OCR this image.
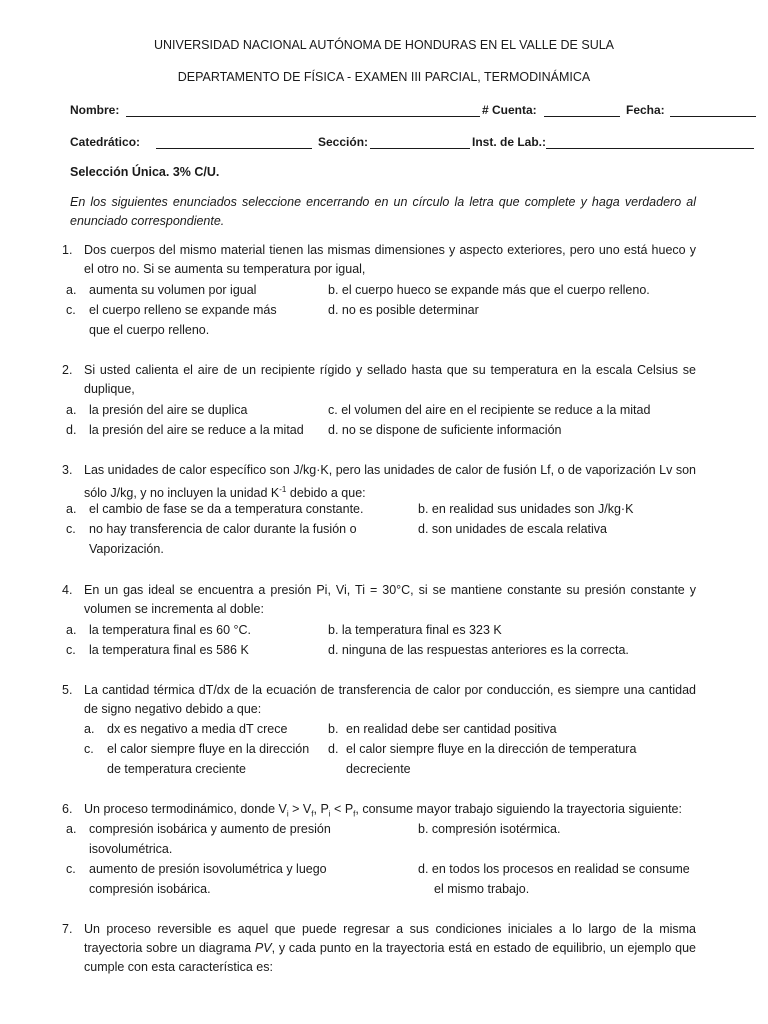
UNIVERSIDAD NACIONAL AUTÓNOMA DE HONDURAS EN EL VALLE DE SULA
DEPARTAMENTO DE FÍSICA - EXAMEN III PARCIAL, TERMODINÁMICA
Nombre:	# Cuenta:	Fecha:
Catedrático:	Sección:	Inst. de Lab.:
Selección Única. 3% C/U.
En los siguientes enunciados seleccione encerrando en un círculo la letra que complete y haga verdadero al enunciado correspondiente.
1. Dos cuerpos del mismo material tienen las mismas dimensiones y aspecto exteriores, pero uno está hueco y el otro no. Si se aumenta su temperatura por igual,
a. aumenta su volumen por igual	b. el cuerpo hueco se expande más que el cuerpo relleno.
c. el cuerpo relleno se expande más
que el cuerpo relleno.
d. no es posible determinar
2. Si usted calienta el aire de un recipiente rígido y sellado hasta que su temperatura en la escala Celsius se duplique,
a. la presión del aire se duplica	c. el volumen del aire en el recipiente se reduce a la mitad
d. la presión del aire se reduce a la mitad d. no se dispone de suficiente información
3. Las unidades de calor específico son J/kg·K, pero las unidades de calor de fusión Lf, o de vaporización Lv son sólo J/kg, y no incluyen la unidad $K^{-1}$ debido a que:
a. el cambio de fase se da a temperatura constante.	b. en realidad sus unidades son J/kg·K
c. no hay transferencia de calor durante la fusión o
Vaporización.
d. son unidades de escala relativa
4. En un gas ideal se encuentra a presión Pi, Vi, Ti = 30°C, si se mantiene constante su presión constante y volumen se incrementa al doble:
a. la temperatura final es 60 °C.	b. la temperatura final es 323 K
c. la temperatura final es 586 K	d. ninguna de las respuestas anteriores es la correcta.
5. La cantidad térmica dT/dx de la ecuación de transferencia de calor por conducción, es siempre una cantidad de signo negativo debido a que:
a. dx es negativo a media dT crece	b. en realidad debe ser cantidad positiva
c. el calor siempre fluye en la dirección
de temperatura creciente
d. el calor siempre fluye en la dirección de temperatura
decreciente
6. Un proceso termodinámico, donde $V_i > V_f$, $P_i < P_f$, consume mayor trabajo siguiendo la trayectoria siguiente:
a. compresión isobárica y aumento de presión
isovolumétrica.
b. compresión isotérmica.
c. aumento de presión isovolumétrica y luego
compresión isobárica.
d. en todos los procesos en realidad se consume
el mismo trabajo.
7. Un proceso reversible es aquel que puede regresar a sus condiciones iniciales a lo largo de la misma trayectoria sobre un diagrama PV, y cada punto en la trayectoria está en estado de equilibrio, un ejemplo que cumple con esta característica es:
